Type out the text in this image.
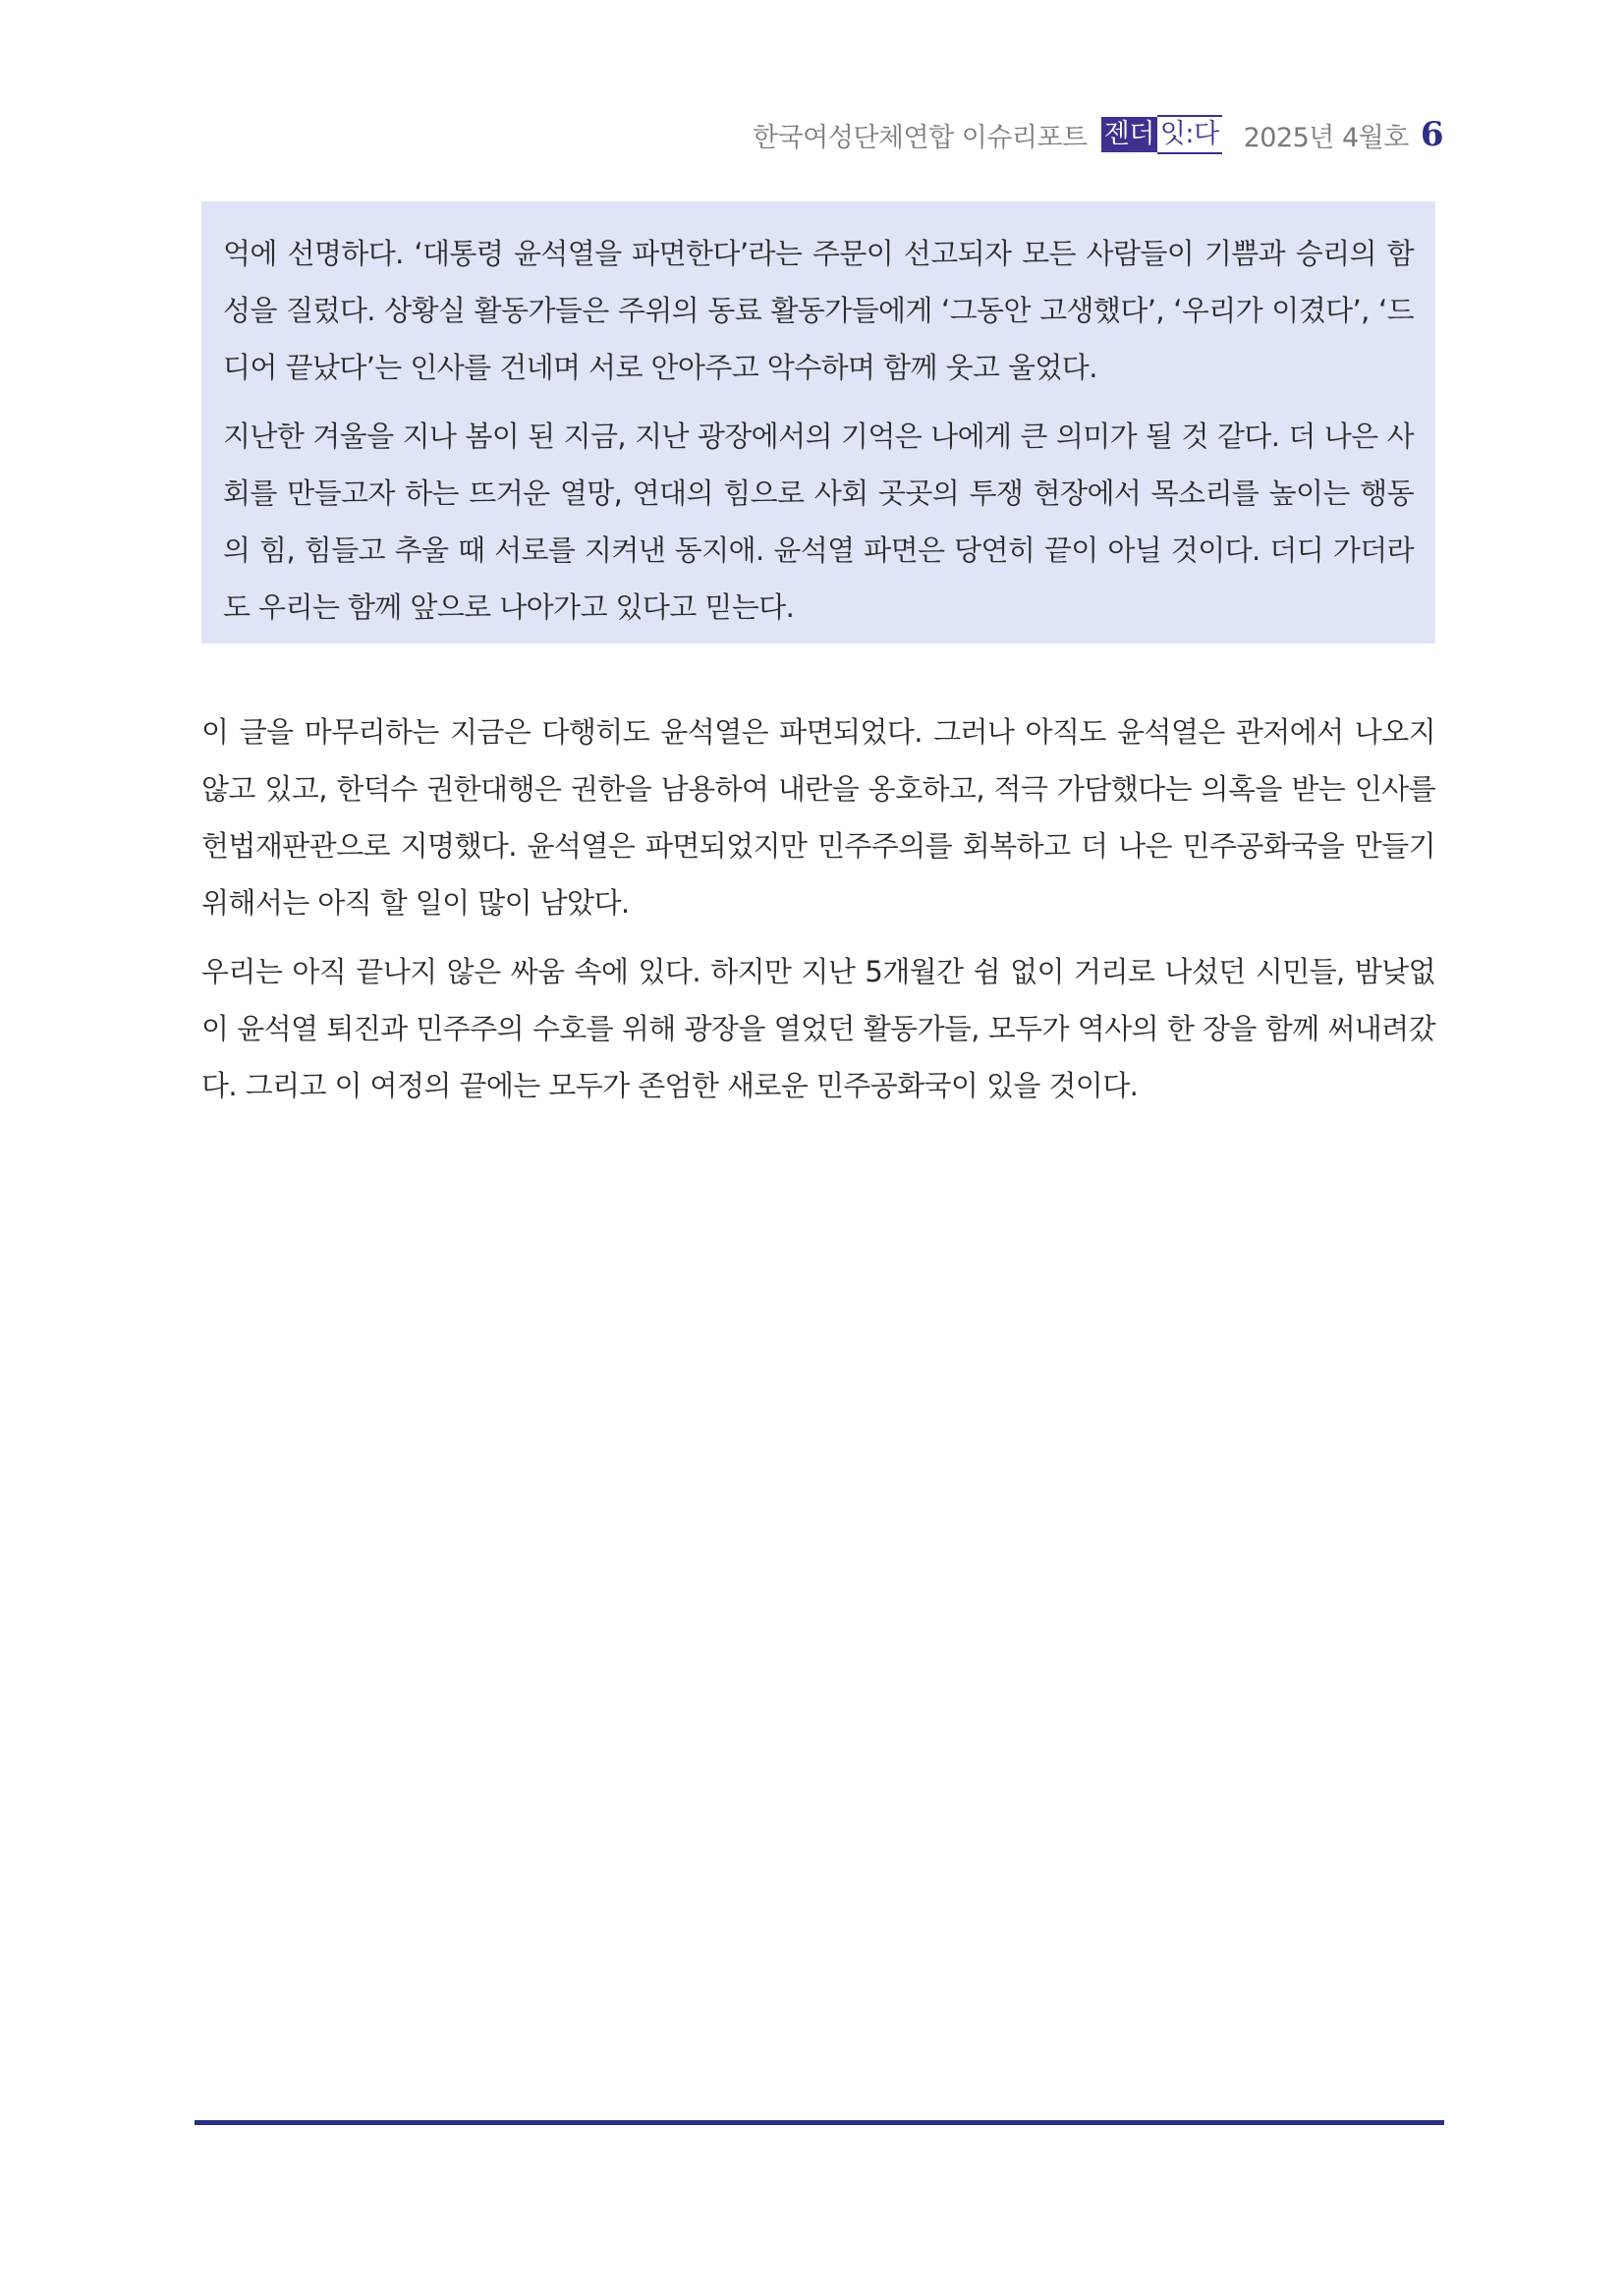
한국여성단체연합 이슈리포트 젠더 잇:다 2025년 4월호 6

억에 선명하다. ‘대통령 윤석열을 파면한다’라는 주문이 선고되자 모든 사람들이 기쁨과 승리의 함성을 질렀다. 상황실 활동가들은 주위의 동료 활동가들에게 ‘그동안 고생했다’, ‘우리가 이겼다’, ‘드디어 끝났다’는 인사를 건네며 서로 안아주고 악수하며 함께 웃고 울었다.

지난한 겨울을 지나 봄이 된 지금, 지난 광장에서의 기억은 나에게 큰 의미가 될 것 같다. 더 나은 사회를 만들고자 하는 뜨거운 열망, 연대의 힘으로 사회 곳곳의 투쟁 현장에서 목소리를 높이는 행동의 힘, 힘들고 추울 때 서로를 지켜낸 동지애. 윤석열 파면은 당연히 끝이 아닐 것이다. 더디 가더라도 우리는 함께 앞으로 나아가고 있다고 믿는다.

이 글을 마무리하는 지금은 다행히도 윤석열은 파면되었다. 그러나 아직도 윤석열은 관저에서 나오지 않고 있고, 한덕수 권한대행은 권한을 남용하여 내란을 옹호하고, 적극 가담했다는 의혹을 받는 인사를 헌법재판관으로 지명했다. 윤석열은 파면되었지만 민주주의를 회복하고 더 나은 민주공화국을 만들기 위해서는 아직 할 일이 많이 남았다.

우리는 아직 끝나지 않은 싸움 속에 있다. 하지만 지난 5개월간 쉼 없이 거리로 나섰던 시민들, 밤낮없이 윤석열 퇴진과 민주주의 수호를 위해 광장을 열었던 활동가들, 모두가 역사의 한 장을 함께 써내려갔다. 그리고 이 여정의 끝에는 모두가 존엄한 새로운 민주공화국이 있을 것이다.
